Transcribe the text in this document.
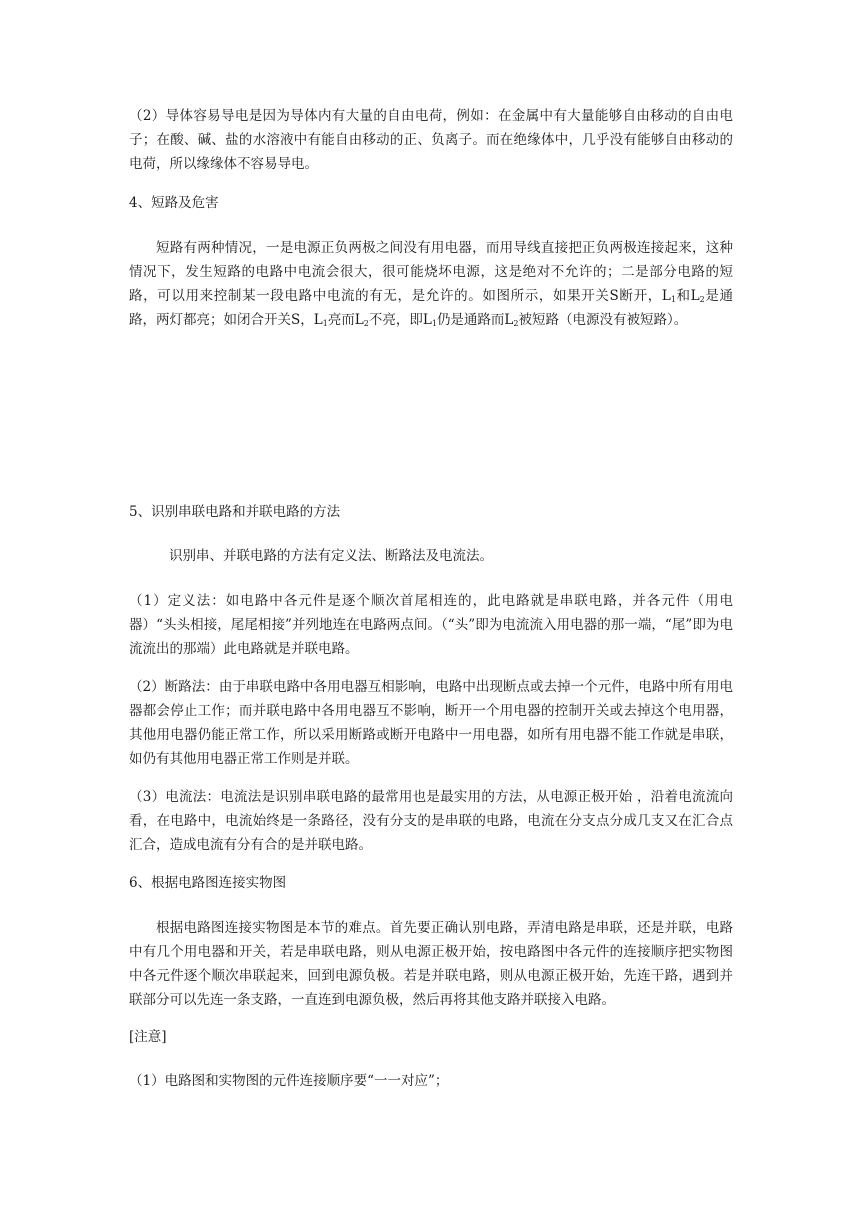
（2）导体容易导电是因为导体内有大量的自由电荷，例如：在金属中有大量能够自由移动的自由电子；在酸、碱、盐的水溶液中有能自由移动的正、负离子。而在绝缘体中，几乎没有能够自由移动的电荷，所以缘缘体不容易导电。

4、短路及危害

短路有两种情况，一是电源正负两极之间没有用电器，而用导线直接把正负两极连接起来，这种情况下，发生短路的电路中电流会很大，很可能烧坏电源，这是绝对不允许的；二是部分电路的短路，可以用来控制某一段电路中电流的有无，是允许的。如图所示，如果开关S断开，$L_1$和$L_2$是通路，两灯都亮；如闭合开关S，$L_1$亮而$L_2$不亮，即$L_1$仍是通路而$L_2$被短路（电源没有被短路）。

5、识别串联电路和并联电路的方法

识别串、并联电路的方法有定义法、断路法及电流法。

（1）定义法：如电路中各元件是逐个顺次首尾相连的，此电路就是串联电路，并各元件（用电器）“头头相接，尾尾相接”并列地连在电路两点间。（“头”即为电流流入用电器的那一端，“尾”即为电流流出的那端）此电路就是并联电路。

（2）断路法：由于串联电路中各用电器互相影响，电路中出现断点或去掉一个元件，电路中所有用电器都会停止工作；而并联电路中各用电器互不影响，断开一个用电器的控制开关或去掉这个电用器，其他用电器仍能正常工作，所以采用断路或断开电路中一用电器，如所有用电器不能工作就是串联，如仍有其他用电器正常工作则是并联。

（3）电流法：电流法是识别串联电路的最常用也是最实用的方法，从电源正极开始 ，沿着电流流向看，在电路中，电流始终是一条路径，没有分支的是串联的电路，电流在分支点分成几支又在汇合点汇合，造成电流有分有合的是并联电路。

6、根据电路图连接实物图

根据电路图连接实物图是本节的难点。首先要正确认别电路，弄清电路是串联，还是并联，电路中有几个用电器和开关，若是串联电路，则从电源正极开始，按电路图中各元件的连接顺序把实物图中各元件逐个顺次串联起来，回到电源负极。若是并联电路，则从电源正极开始，先连干路，遇到并联部分可以先连一条支路，一直连到电源负极，然后再将其他支路并联接入电路。

[注意]

（1）电路图和实物图的元件连接顺序要“一一对应”；
